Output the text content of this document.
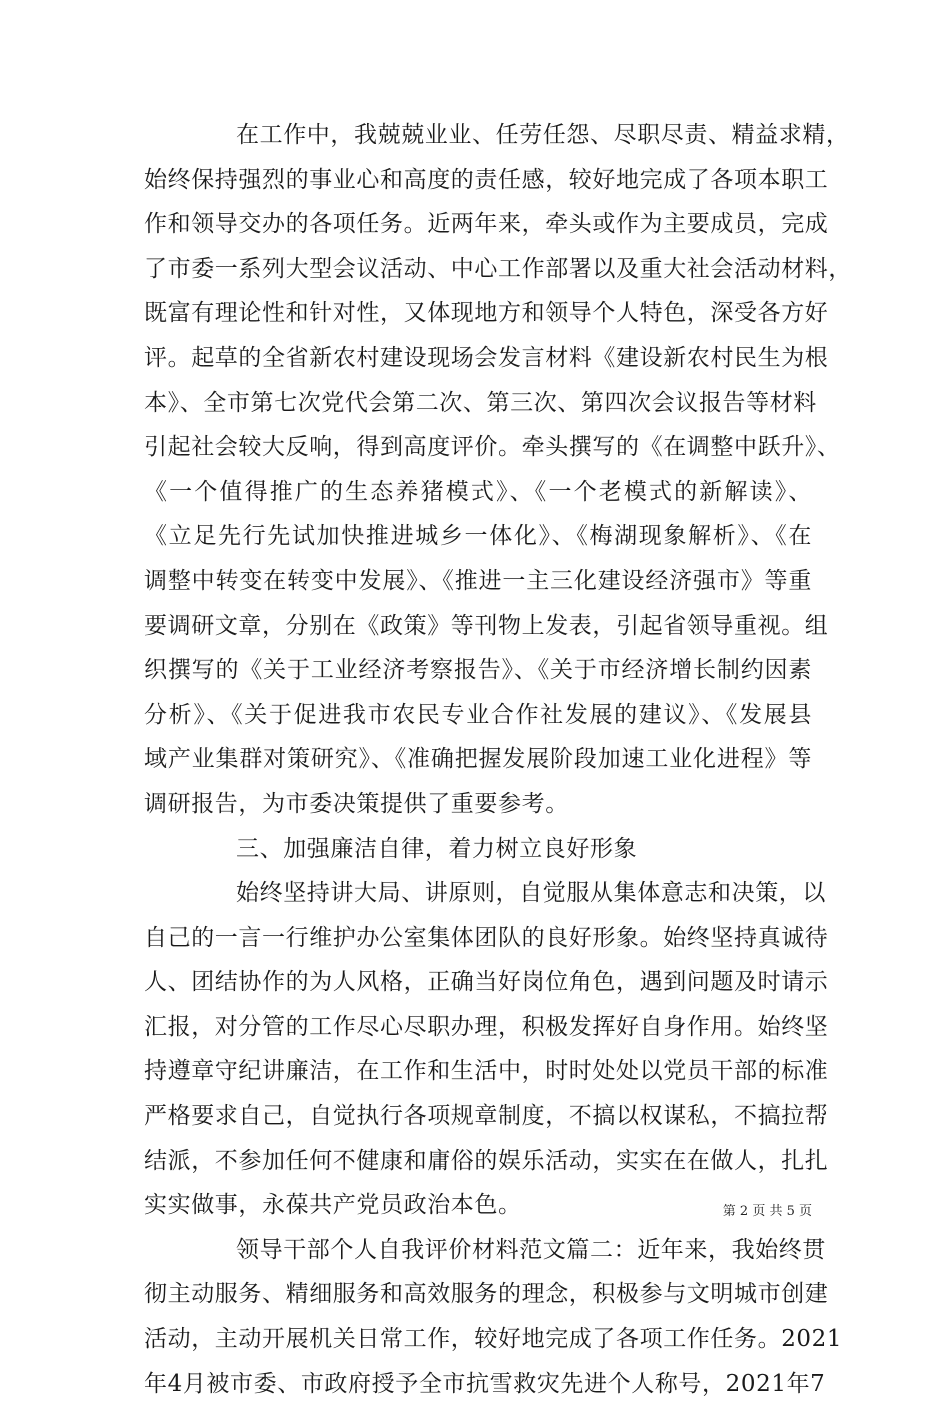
在工作中，我兢兢业业、任劳任怨、尽职尽责、精益求精，
始终保持强烈的事业心和高度的责任感，较好地完成了各项本职工
作和领导交办的各项任务。近两年来，牵头或作为主要成员，完成
了市委一系列大型会议活动、中心工作部署以及重大社会活动材料，
既富有理论性和针对性，又体现地方和领导个人特色，深受各方好
评。起草的全省新农村建设现场会发言材料《建设新农村民生为根
本》、全市第七次党代会第二次、第三次、第四次会议报告等材料
引起社会较大反响，得到高度评价。牵头撰写的《在调整中跃升》、
《一个值得推广的生态养猪模式》、《一个老模式的新解读》、
《立足先行先试加快推进城乡一体化》、《梅湖现象解析》、《在
调整中转变在转变中发展》、《推进一主三化建设经济强市》等重
要调研文章，分别在《政策》等刊物上发表，引起省领导重视。组
织撰写的《关于工业经济考察报告》、《关于市经济增长制约因素
分析》、《关于促进我市农民专业合作社发展的建议》、《发展县
域产业集群对策研究》、《准确把握发展阶段加速工业化进程》等
调研报告，为市委决策提供了重要参考。
三、加强廉洁自律，着力树立良好形象
始终坚持讲大局、讲原则，自觉服从集体意志和决策，以
自己的一言一行维护办公室集体团队的良好形象。始终坚持真诚待
人、团结协作的为人风格，正确当好岗位角色，遇到问题及时请示
汇报，对分管的工作尽心尽职办理，积极发挥好自身作用。始终坚
持遵章守纪讲廉洁，在工作和生活中，时时处处以党员干部的标准
严格要求自己，自觉执行各项规章制度，不搞以权谋私，不搞拉帮
结派，不参加任何不健康和庸俗的娱乐活动，实实在在做人，扎扎
实实做事，永葆共产党员政治本色。
领导干部个人自我评价材料范文篇二：近年来，我始终贯
彻主动服务、精细服务和高效服务的理念，积极参与文明城市创建
活动，主动开展机关日常工作，较好地完成了各项工作任务。2021
年4月被市委、市政府授予全市抗雪救灾先进个人称号，2021年7
第 2 页 共 5 页
